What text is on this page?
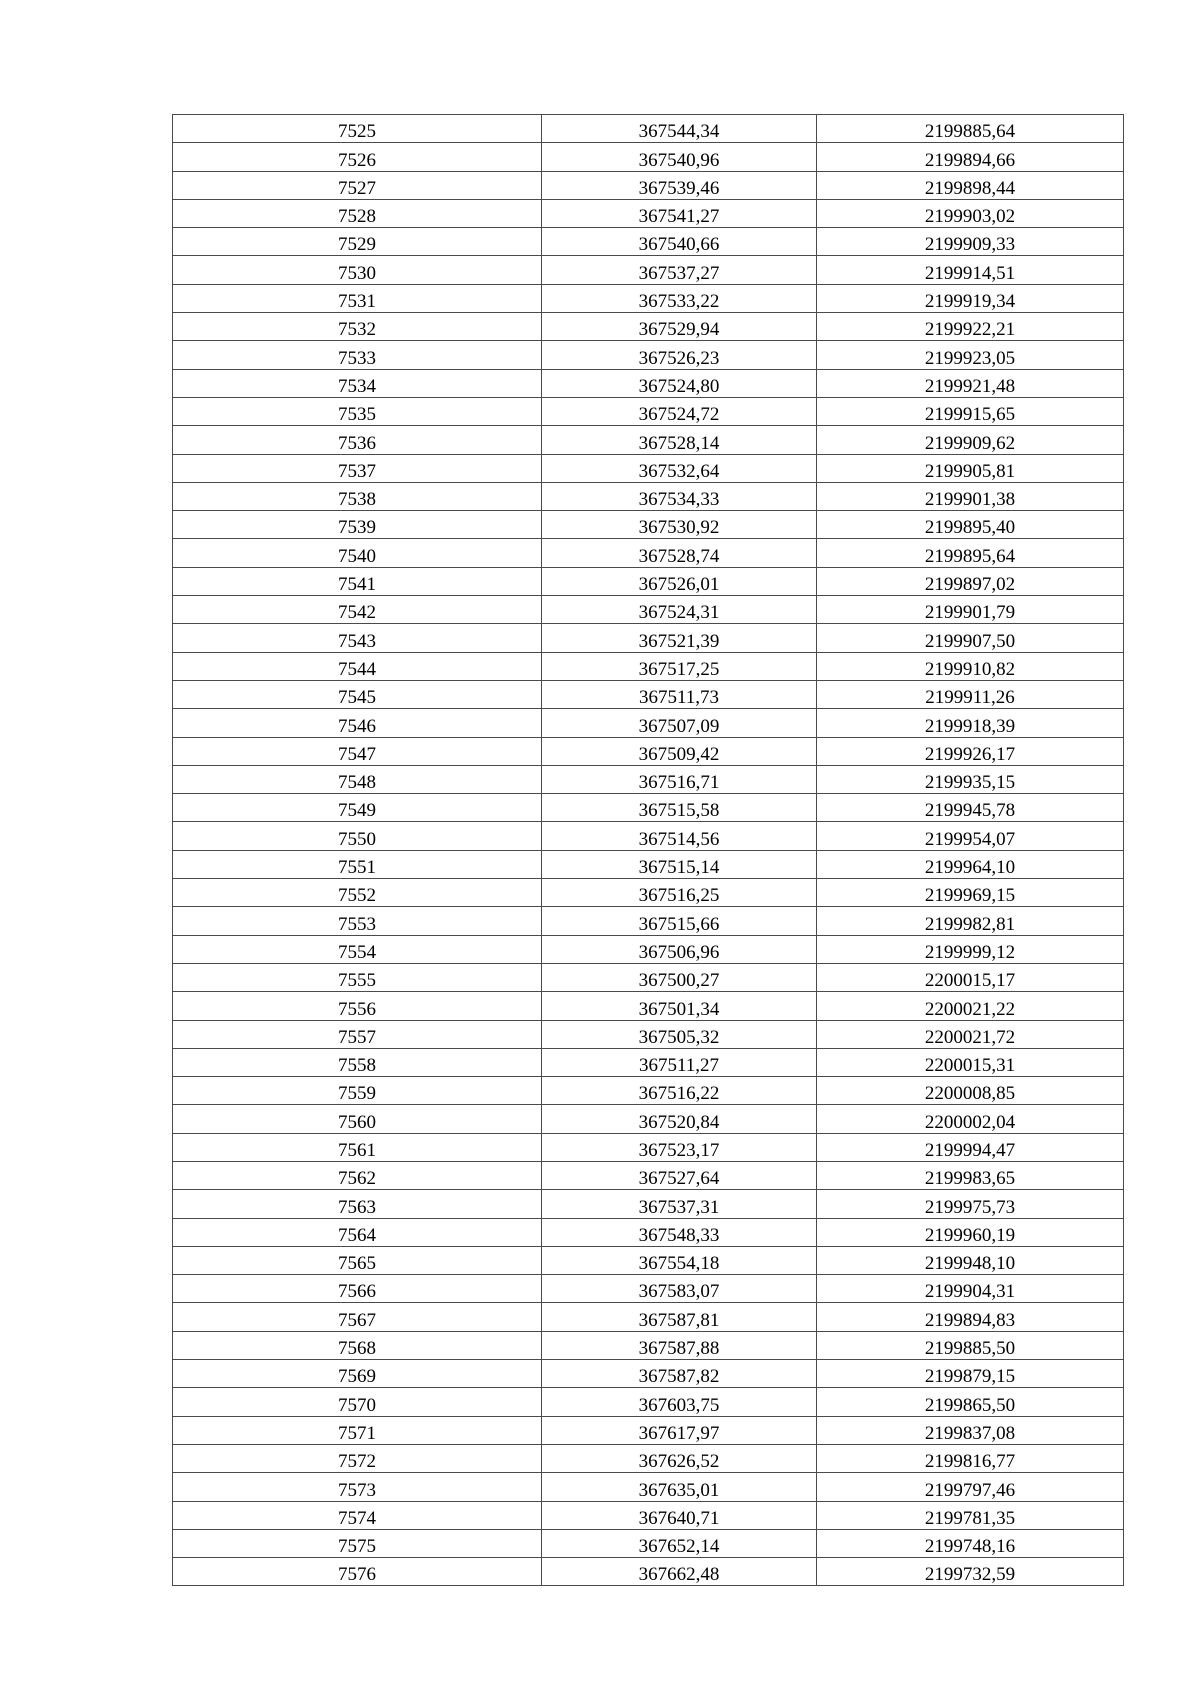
7525	367544,34	2199885,64
7526	367540,96	2199894,66
7527	367539,46	2199898,44
7528	367541,27	2199903,02
7529	367540,66	2199909,33
7530	367537,27	2199914,51
7531	367533,22	2199919,34
7532	367529,94	2199922,21
7533	367526,23	2199923,05
7534	367524,80	2199921,48
7535	367524,72	2199915,65
7536	367528,14	2199909,62
7537	367532,64	2199905,81
7538	367534,33	2199901,38
7539	367530,92	2199895,40
7540	367528,74	2199895,64
7541	367526,01	2199897,02
7542	367524,31	2199901,79
7543	367521,39	2199907,50
7544	367517,25	2199910,82
7545	367511,73	2199911,26
7546	367507,09	2199918,39
7547	367509,42	2199926,17
7548	367516,71	2199935,15
7549	367515,58	2199945,78
7550	367514,56	2199954,07
7551	367515,14	2199964,10
7552	367516,25	2199969,15
7553	367515,66	2199982,81
7554	367506,96	2199999,12
7555	367500,27	2200015,17
7556	367501,34	2200021,22
7557	367505,32	2200021,72
7558	367511,27	2200015,31
7559	367516,22	2200008,85
7560	367520,84	2200002,04
7561	367523,17	2199994,47
7562	367527,64	2199983,65
7563	367537,31	2199975,73
7564	367548,33	2199960,19
7565	367554,18	2199948,10
7566	367583,07	2199904,31
7567	367587,81	2199894,83
7568	367587,88	2199885,50
7569	367587,82	2199879,15
7570	367603,75	2199865,50
7571	367617,97	2199837,08
7572	367626,52	2199816,77
7573	367635,01	2199797,46
7574	367640,71	2199781,35
7575	367652,14	2199748,16
7576	367662,48	2199732,59
